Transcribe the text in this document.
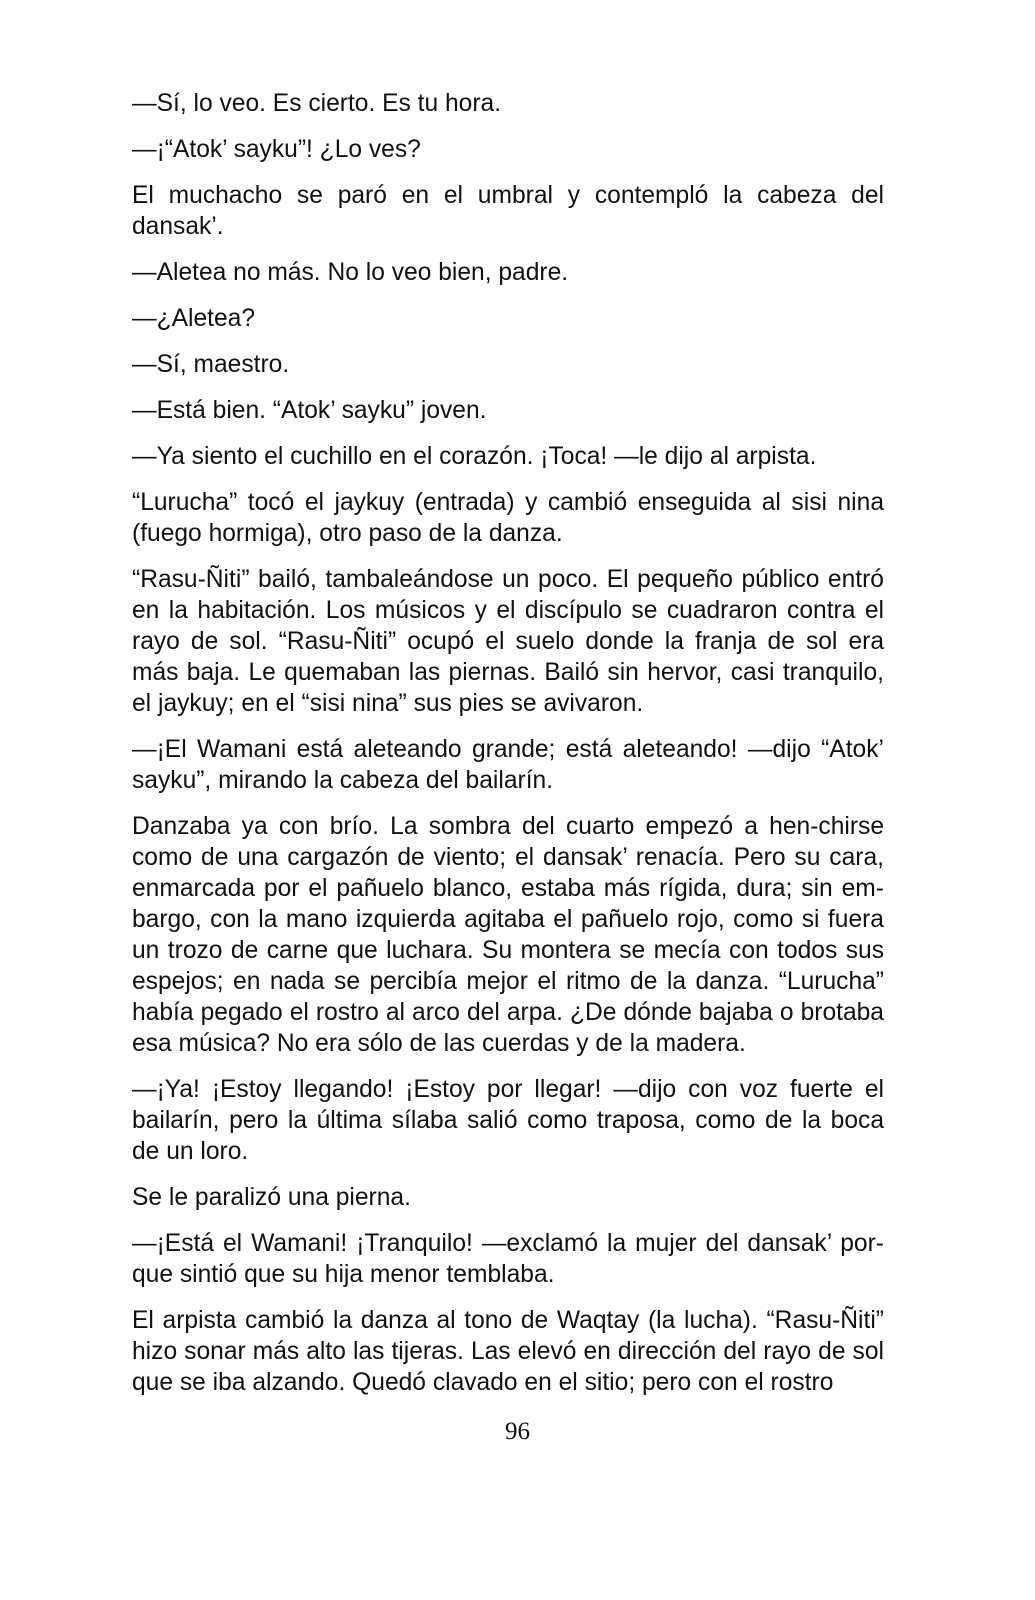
—Sí, lo veo. Es cierto. Es tu hora.

—¡“Atok’ sayku”! ¿Lo ves?

El muchacho se paró en el umbral y contempló la cabeza del dansak’.

—Aletea no más. No lo veo bien, padre.

—¿Aletea?

—Sí, maestro.

—Está bien. “Atok’ sayku” joven.

—Ya siento el cuchillo en el corazón. ¡Toca! —le dijo al arpista.

“Lurucha” tocó el jaykuy (entrada) y cambió enseguida al sisi nina (fuego hormiga), otro paso de la danza.

“Rasu-Ñiti” bailó, tambaleándose un poco. El pequeño público entró en la habitación. Los músicos y el discípulo se cuadraron contra el rayo de sol. “Rasu-Ñiti” ocupó el suelo donde la franja de sol era más baja. Le quemaban las piernas. Bailó sin hervor, casi tranquilo, el jaykuy; en el “sisi nina” sus pies se avivaron.

—¡El Wamani está aleteando grande; está aleteando! —dijo “Atok’ sayku”, mirando la cabeza del bailarín.

Danzaba ya con brío. La sombra del cuarto empezó a hen-chirse como de una cargazón de viento; el dansak’ renacía. Pero su cara, enmarcada por el pañuelo blanco, estaba más rígida, dura; sin embargo, con la mano izquierda agitaba el pañuelo rojo, como si fuera un trozo de carne que luchara. Su montera se mecía con todos sus espejos; en nada se percibía mejor el ritmo de la danza. “Lurucha” había pegado el rostro al arco del arpa. ¿De dónde bajaba o brotaba esa música? No era sólo de las cuerdas y de la madera.

—¡Ya! ¡Estoy llegando! ¡Estoy por llegar! —dijo con voz fuerte el bailarín, pero la última sílaba salió como traposa, como de la boca de un loro.

Se le paralizó una pierna.

—¡Está el Wamani! ¡Tranquilo! —exclamó la mujer del dansak’ porque sintió que su hija menor temblaba.

El arpista cambió la danza al tono de Waqtay (la lucha). “Rasu-Ñiti” hizo sonar más alto las tijeras. Las elevó en dirección del rayo de sol que se iba alzando. Quedó clavado en el sitio; pero con el rostro

96
